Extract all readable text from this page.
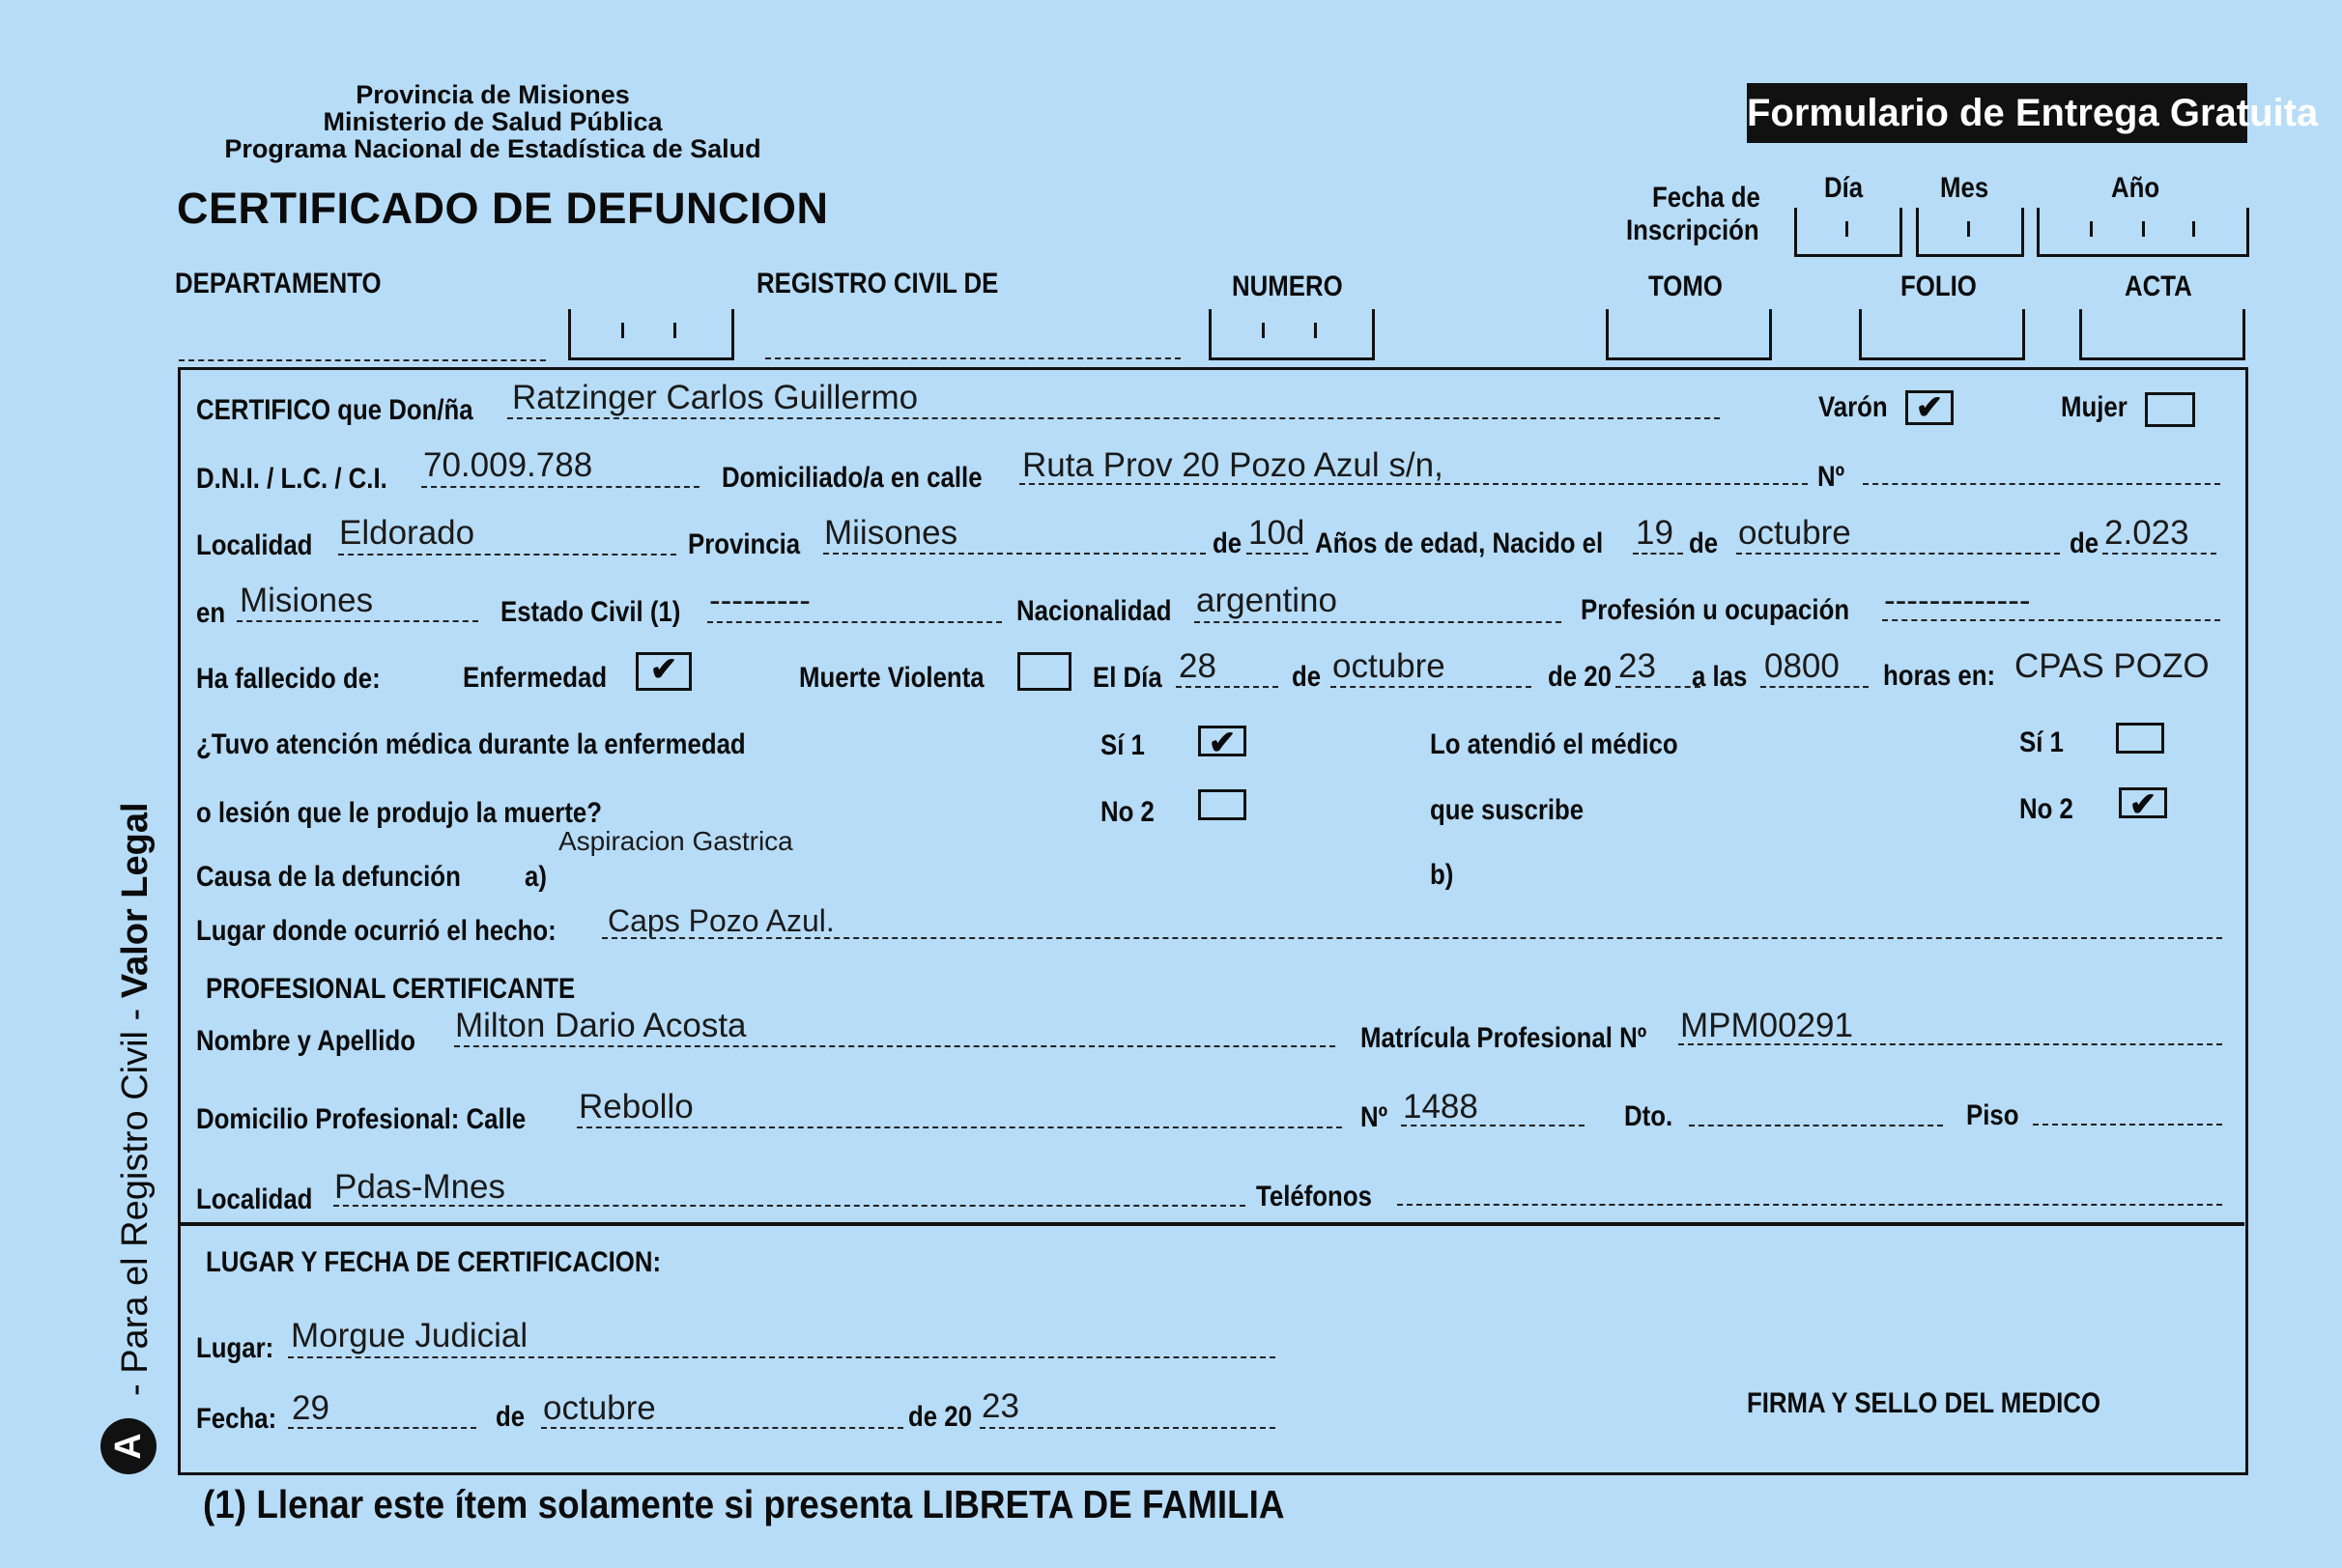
Provincia de Misiones
Ministerio de Salud Pública
Programa Nacional de Estadística de Salud
CERTIFICADO DE DEFUNCION
Formulario de Entrega Gratuita
Fecha de
Inscripción
Día	Mes	Año
DEPARTAMENTO	REGISTRO CIVIL DE	NUMERO	TOMO	FOLIO	ACTA
CERTIFICO que Don/ña Ratzinger Carlos Guillermo	Varón ✔	Mujer
D.N.I. / L.C. / C.I. 70.009.788	Domiciliado/a en calle Ruta Prov 20 Pozo Azul s/n,	Nº
Localidad Eldorado	Provincia Miisones	de 10d Años de edad, Nacido el 19 de octubre	de 2.023
en Misiones	Estado Civil (1) ---------	Nacionalidad argentino	Profesión u ocupación -------------
Ha fallecido de:	Enfermedad	✔	Muerte Violenta	El Día 28	de octubre	de 20 23 a las 0800 horas en: CPAS POZO
¿Tuvo atención médica durante la enfermedad
o lesión que le produjo la muerte?
Sí 1	✔
No 2
Lo atendió el médico
que suscribe
Sí 1
No 2	✔
Aspiracion Gastrica
Causa de la defunción a)	b)
Lugar donde ocurrió el hecho: Caps Pozo Azul.
PROFESIONAL CERTIFICANTE
Nombre y Apellido Milton Dario Acosta	Matrícula Profesional Nº MPM00291
Domicilio Profesional: Calle Rebollo	Nº 1488	Dto.	Piso
Localidad Pdas-Mnes	Teléfonos
LUGAR Y FECHA DE CERTIFICACION:
Lugar: Morgue Judicial
Fecha: 29	de octubre	de 20 23	FIRMA Y SELLO DEL MEDICO
(1) Llenar este ítem solamente si presenta LIBRETA DE FAMILIA
- Para el Registro Civil - Valor Legal
A
